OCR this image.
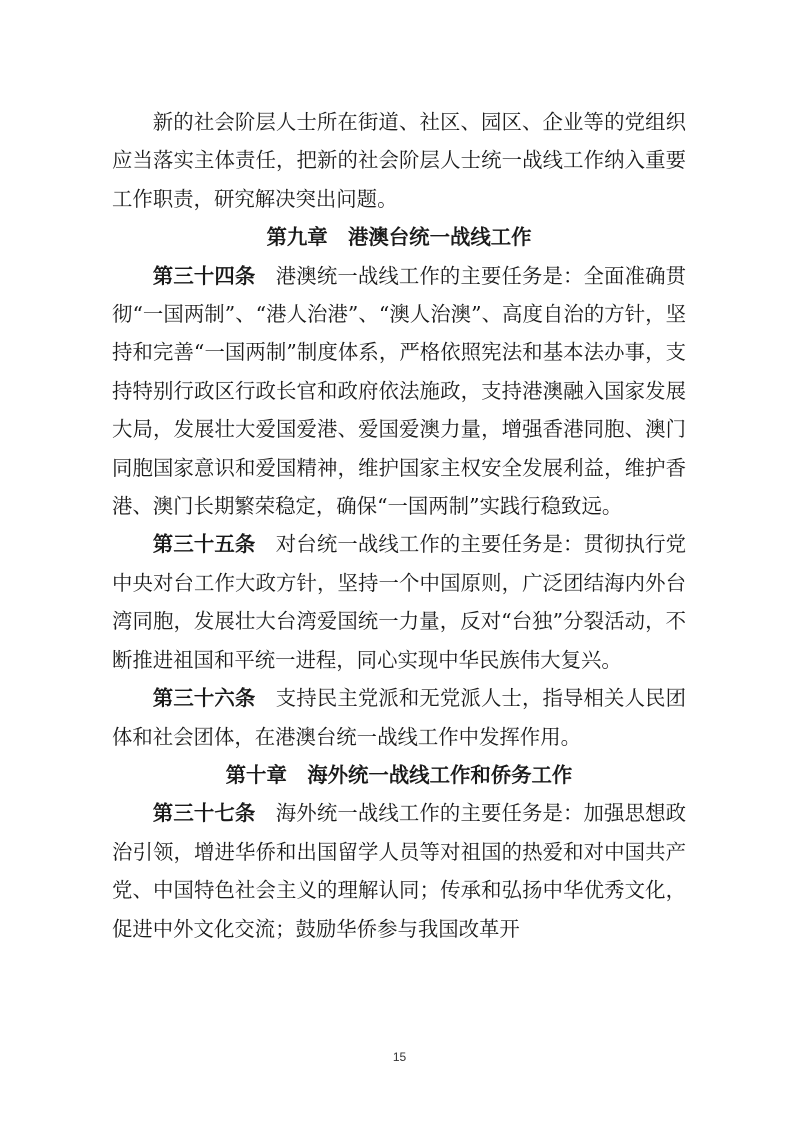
新的社会阶层人士所在街道、社区、园区、企业等的党组织应当落实主体责任，把新的社会阶层人士统一战线工作纳入重要工作职责，研究解决突出问题。

第九章　港澳台统一战线工作

第三十四条 港澳统一战线工作的主要任务是：全面准确贯彻“一国两制”、“港人治港”、“澳人治澳”、高度自治的方针，坚持和完善“一国两制”制度体系，严格依照宪法和基本法办事，支持特别行政区行政长官和政府依法施政，支持港澳融入国家发展大局，发展壮大爱国爱港、爱国爱澳力量，增强香港同胞、澳门同胞国家意识和爱国精神，维护国家主权安全发展利益，维护香港、澳门长期繁荣稳定，确保“一国两制”实践行稳致远。

第三十五条 对台统一战线工作的主要任务是：贯彻执行党中央对台工作大政方针，坚持一个中国原则，广泛团结海内外台湾同胞，发展壮大台湾爱国统一力量，反对“台独”分裂活动，不断推进祖国和平统一进程，同心实现中华民族伟大复兴。

第三十六条 支持民主党派和无党派人士，指导相关人民团体和社会团体，在港澳台统一战线工作中发挥作用。

第十章　海外统一战线工作和侨务工作

第三十七条 海外统一战线工作的主要任务是：加强思想政治引领，增进华侨和出国留学人员等对祖国的热爱和对中国共产党、中国特色社会主义的理解认同；传承和弘扬中华优秀文化，促进中外文化交流；鼓励华侨参与我国改革开

15
